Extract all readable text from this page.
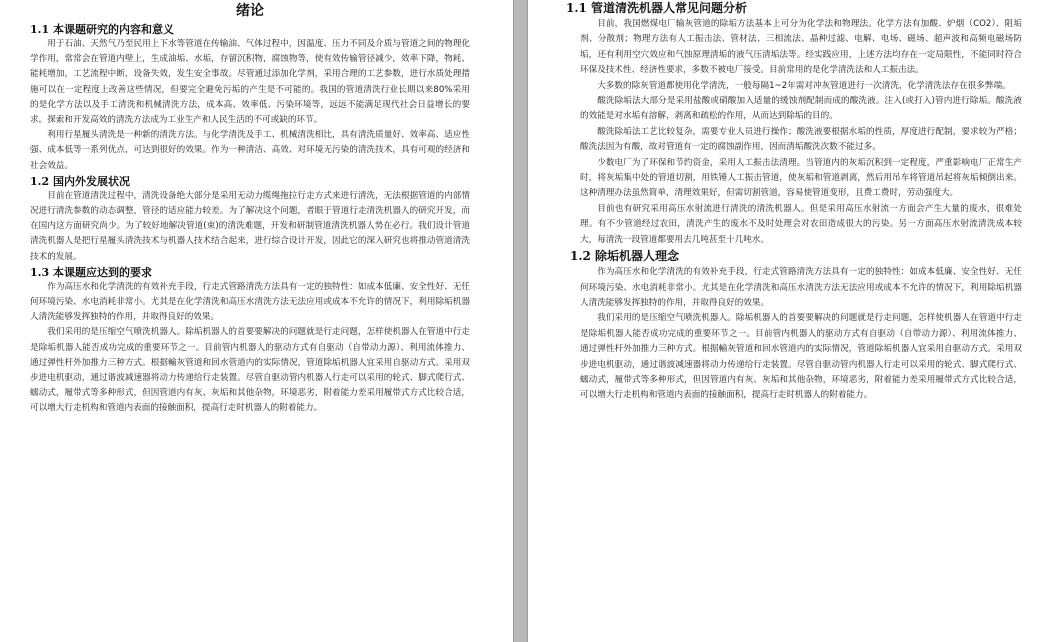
绪论
1.1 本课题研究的内容和意义

用于石油、天然气乃至民用上下水等管道在传输油、气体过程中，因温度、压力不同及介质与管道之间的物理化学作用，常常会在管道内壁上，生成油垢、水垢，存留沉积物，腐蚀物等，使有效传输管径减少，效率下降，物耗、能耗增加，工艺流程中断，设备失效，发生安全事故。尽管通过添加化学剂，采用合理的工艺参数，进行水质处理措施可以在一定程度上改善这些情况，但要完全避免污垢的产生是不可能的。我国的管道清洗行业长期以来80%采用的是化学方法以及手工清洗和机械清洗方法，成本高、效率低、污染环境等，远远不能满足现代社会日益增长的要求。探索和开发高效的清洗方法成为工业生产和人民生活的不可或缺的环节。

利用行星履头清洗是一种新的清洗方法。与化学清洗及手工、机械清洗相比，具有清洗质量好、效率高、适应性强、成本低等一系列优点，可达到很好的效果。作为一种清洁、高效、对环境无污染的清洗技术，具有可观的经济和社会效益。

1.2 国内外发展状况

目前在管道清洗过程中，清洗设备绝大部分是采用无动力缆绳拖拉行走方式来进行清洗，无法根据管道的内部情况进行清洗参数的动态调整，管径的适应能力较差。为了解决这个问题，者眼于管道行走清洗机器人的研究开发，而在国内这方面研究尚少。为了较好地解决管道(束)的清洗难题，开发和研制管道清洗机器人势在必行。我们设计管道清洗机器人是把行星履头清洗技术与机器人技术结合起来，进行综合设计开发，因此它的深入研究也将推动管道清洗技术的发展。

1.3 本课题应达到的要求

作为高压水和化学清洗的有效补充手段，行走式管路清洗方法具有一定的独特性：如成本低廉、安全性好、无任何环境污染、水电消耗非常小。尤其是在化学清洗和高压水清洗方法无法应用或成本不允许的情况下，利用除垢机器人清洗能够发挥独特的作用，并取得良好的效果。

我们采用的是压缩空气喷洗机器人。除垢机器人的首要要解决的问题就是行走问题，怎样使机器人在管道中行走是除垢机器人能否成功完成的重要环节之一。目前管内机器人的驱动方式有自驱动（自带动力源）、利用流体推力、通过弹性杆外加推力三种方式。根据輸灰管道和回水管道内的实际情况，管道除垢机器人宜采用自驱动方式。采用双步进电机驱动，通过谐波减速器将动力传递给行走装置。尽管自驱动管内机器人行走可以采用的轮式、脚式爬行式、蠕动式，履带式等多种形式，但因管道内有灰、灰垢和其他杂物，环境恶劣，附着能力差采用履带式方式比较合适，可以增大行走机构和管道内表面的接触面积，提高行走时机器人的附着能力。

1.1 管道清洗机器人常见问题分析

目前，我国燃煤电厂输灰管道的除垢方法基本上可分为化学法和物理法。化学方法有加酸、炉烟（CO2）、阻垢剂、分散剂；物理方法有人工振击法、管材法、三相流法、晶种过滤、电解、电场、磁场、超声波和高频电磁场防垢，还有利用空穴效应和气蚀原理清垢的液气压清垢法等。经实践应用，上述方法均存在一定局限性，不能同时符合环保及技术性、经济性要求，多数不被电厂接受。目前常用的是化学清洗法和人工振击法。

大多数的除灰管道都使用化学清洗，一般每隔1~2年需对冲灰管道进行一次清洗，化学清洗法存在很多弊端。

酸洗除垢法大部分是采用盐酸或硝酸加入适量的缓蚀剂配制而成的酸洗液。注入(或打入)管内进行除垢。酸洗液的效能是对水垢有溶解，剥离和疏松的作用，从而达到除垢的目的。

酸洗除垢法工艺比较复杂，需要专业人员进行操作；酸洗液要根据水垢的性质，厚度进行配制，要求较为严格；酸洗法因为有酸，故对管道有一定的腐蚀副作用，因而清垢酸洗次数不能过多。

少数电厂为了环保和节约资金，采用人工振击法清理。当管道内的灰垢沉积到一定程度，严重影响电厂正常生产时，将灰垢集中处的管道切割，用铁锤人工振击管道，使灰垢和管道剥离，然后用吊车将管道吊起将灰垢倾倒出来。这种清理办法虽然简单，清理效果好，但需切割管道，容易使管道变形，且费工费时，劳动强度大。

目前也有研究采用高压水射流进行清洗的清洗机器人。但是采用高压水射流一方面会产生大量的废水，很难处理。有不少管道经过农田，清洗产生的废水不及时处理会对农田造成很大的污染。另一方面高压水射流清洗成本较大，每清洗一段管道都要用去几吨甚至十几吨水。

1.2 除垢机器人理念

作为高压水和化学清洗的有效补充手段，行走式管路清洗方法具有一定的独特性：如成本低廉、安全性好、无任何环境污染、水电消耗非常小。尤其是在化学清洗和高压水清洗方法无法应用或成本不允许的情况下，利用除垢机器人清洗能够发挥独特的作用，并取得良好的效果。

我们采用的是压缩空气喷洗机器人。除垢机器人的首要要解决的问题就是行走问题，怎样使机器人在管道中行走是除垢机器人能否成功完成的重要环节之一。目前管内机器人的驱动方式有自驱动（自带动力源）、利用流体推力、通过弹性杆外加推力三种方式。根据輸灰管道和回水管道内的实际情况，管道除垢机器人宜采用自驱动方式。采用双步进电机驱动，通过谐波减速器将动力传递给行走装置。尽管自驱动管内机器人行走可以采用的轮式、脚式爬行式、蠕动式，履带式等多种形式，但因管道内有灰、灰垢和其他杂物，环境恶劣，附着能力差采用履带式方式比较合适，可以增大行走机构和管道内表面的接触面积，提高行走时机器人的附着能力。
